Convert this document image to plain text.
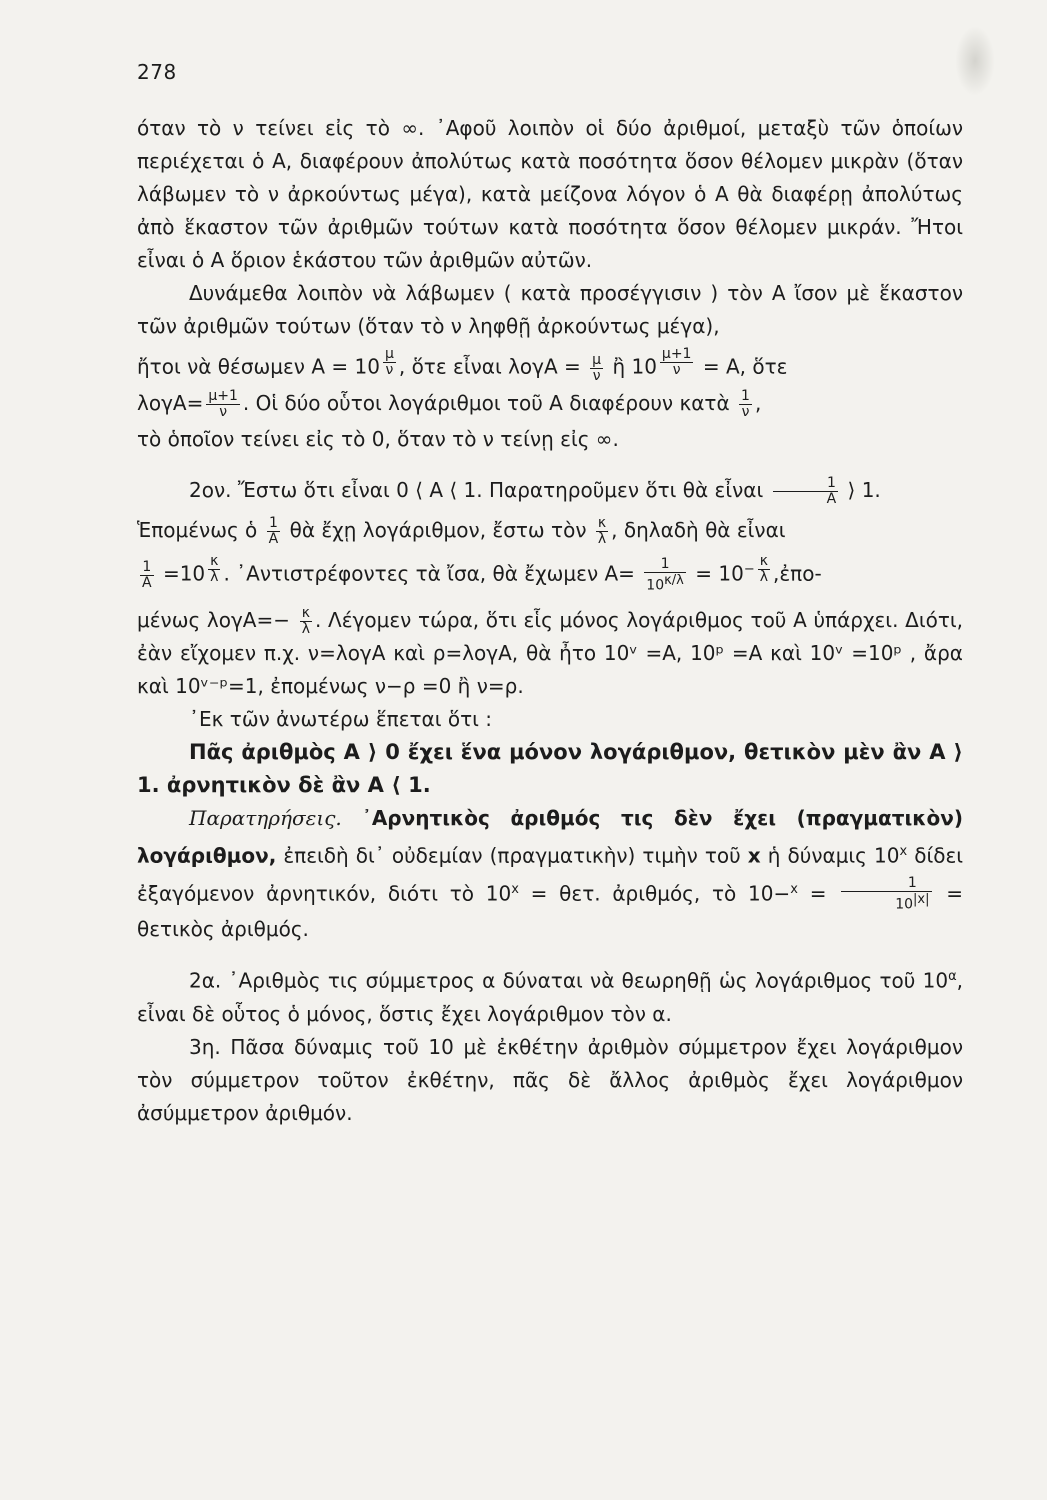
278

όταν τὸ ν τείνει εἰς τὸ ∞. ᾿Αφοῦ λοιπὸν οἱ δύο ἀριθμοί, μεταξὺ τῶν ὁποίων περιέχεται ὁ Α, διαφέρουν ἀπολύτως κατὰ ποσότητα ὅσον θέλομεν μικρὰν (ὅταν λάβωμεν τὸ ν ἀρκούντως μέγα), κατὰ μείζονα λόγον ὁ Α θὰ διαφέρῃ ἀπολύτως ἀπὸ ἕκαστον τῶν ἀριθμῶν τούτων κατὰ ποσότητα ὅσον θέλομεν μικράν. Ἤτοι εἶναι ὁ Α ὅριον ἑκάστου τῶν ἀριθμῶν αὐτῶν.

Δυνάμεθα λοιπὸν νὰ λάβωμεν ( κατὰ προσέγγισιν ) τὸν Α ἴσον μὲ ἕκαστον τῶν ἀριθμῶν τούτων (ὅταν τὸ ν ληφθῇ ἀρκούντως μέγα),

ἤτοι νὰ θέσωμεν Α = 10 $^{\frac{\mu}{\nu}}$ , ὅτε εἶναι $\lambda o\gamma A = \frac{\mu}{\nu}$ ἢ 10 $^{\frac{\mu+1}{\nu}}$ = Α, ὅτε
$\lambda o\gamma A= \frac{\mu+1}{\nu}$ . Οἱ δύο οὗτοι λογάριθμοι τοῦ Α διαφέρουν κατὰ $\frac{1}{\nu}$ ,

τὸ ὁποῖον τείνει εἰς τὸ 0, ὅταν τὸ ν τείνῃ εἰς ∞.

2ον. Ἔστω ὅτι εἶναι 0 ⟨ Α ⟨ 1. Παρατηροῦμεν ὅτι θὰ εἶναι $\frac{1}{A}$ ⟩ 1.
Ἑπομένως ὁ $\frac{1}{A}$ θὰ ἔχῃ λογάριθμον, ἔστω τὸν $\frac{\kappa}{\lambda}$ , δηλαδὴ θὰ εἶναι
$\frac{1}{A} =10$ $^{\frac{\kappa}{\lambda}}$ . ᾿Αντιστρέφοντες τὰ ἴσα, θὰ ἔχωμεν $A= \frac{1}{10^{\kappa/\lambda}} = 10^{- \frac{\kappa}{\lambda}}$ ,ἐπο-

μένως $\lambda o\gamma A=- \frac{\kappa}{\lambda}$ . Λέγομεν τώρα, ὅτι εἷς μόνος λογάριθμος τοῦ Α ὑπάρχει. Διότι, ἐὰν εἴχομεν π.χ. ν=λογΑ καὶ ρ=λογΑ, θὰ ἦτο 10ᵛ =Α, 10ᵖ =Α καὶ 10ᵛ =10ᵖ , ἄρα καὶ 10ᵛ⁻ᵖ=1, ἐπομένως ν−ρ =0 ἢ ν=ρ.

᾿Εκ τῶν ἀνωτέρω ἕπεται ὅτι :

Πᾶς ἀριθμὸς Α ⟩ 0 ἔχει ἕνα μόνον λογάριθμον, θετικὸν μὲν ἂν Α ⟩ 1. ἀρνητικὸν δὲ ἂν Α ⟨ 1.

Παρατηρήσεις. ᾿Αρνητικὸς ἀριθμός τις δὲν ἔχει (πραγματικὸν) λογάριθμον, ἐπειδὴ δι᾿ οὐδεμίαν (πραγματικὴν) τιμὴν τοῦ x ἡ δύναμις 10$^x$ δίδει ἐξαγόμενον ἀρνητικόν, διότι τὸ $10^x = \theta\varepsilon\tau$. ἀριθμός, τὸ $10-^x = \frac{1}{10^{|x|}}$ = θετικὸς ἀριθμός.

2α. ᾿Αριθμὸς τις σύμμετρος α δύναται νὰ θεωρηθῇ ὡς λογάριθμος τοῦ $10^\alpha$, εἶναι δὲ οὗτος ὁ μόνος, ὅστις ἔχει λογάριθμον τὸν α.

3η. Πᾶσα δύναμις τοῦ 10 μὲ ἐκθέτην ἀριθμὸν σύμμετρον ἔχει λογάριθμον τὸν σύμμετρον τοῦτον ἐκθέτην, πᾶς δὲ ἄλλος ἀριθμὸς ἔχει λογάριθμον ἀσύμμετρον ἀριθμόν.
